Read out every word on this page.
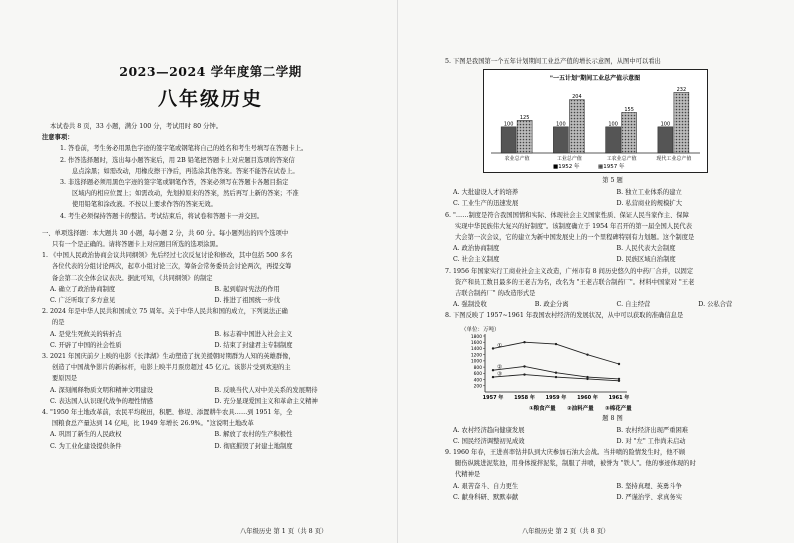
2023—2024 学年度第二学期
八年级历史
本试卷共 8 页，33 小题，满分 100 分，考试用时 80 分钟。
注意事项：
1. 答卷前，考生务必用黑色字迹的签字笔或钢笔将自己的姓名和考生号填写在答题卡上。
2. 作答选择题时，选出每小题答案后，用 2B 铅笔把答题卡上对应题目选项的答案信
息点涂黑；如需改动，用橡皮擦干净后，再选涂其他答案。答案不能答在试卷上。
3. 非选择题必须用黑色字迹的签字笔或钢笔作答，答案必须写在答题卡各题目指定
区域内的相应位置上；如需改动，先划掉原来的答案，然后再写上新的答案；不准
使用铅笔和涂改液。不按以上要求作答的答案无效。
4. 考生必须保持答题卡的整洁。考试结束后，将试卷和答题卡一并交回。
一、单项选择题：本大题共 30 小题，每小题 2 分，共 60 分。每小题列出的四个选项中
只有一个是正确的。请将答题卡上对应题目所选的选项涂黑。
1. 《中国人民政治协商会议共同纲领》先后经过七次反复讨论和修改，其中包括 500 多名
各位代表的分组讨论两次，起草小组讨论三次，筹备会常务委员会讨论两次，再提交筹
备会第二次全体会议表决。据此可知，《共同纲领》的制定
A. 确立了政治协商制度	B. 起到临时宪法的作用
C. 广泛听取了多方意见	D. 推进了祖国统一步伐
2. 2024 年是中华人民共和国成立 75 周年。关于中华人民共和国的成立，下列说法正确
的是
A. 是党生死攸关的转折点	B. 标志着中国进入社会主义
C. 开辟了中国的社会性质	D. 结束了封建君主专制制度
3. 2021 年国庆前夕上映的电影《长津湖》生动塑造了抗美援朝时期群为人知的英雄群像，
创造了中国战争影片的新标杆，电影上映半月票房超过 45 亿元。该影片受到欢迎的主
要原因是
A. 深刻阐释物质文明和精神文明建设	B. 反映当代人对中美关系的发展期待
C. 表达国人认识现代战争的理性情感	D. 充分显现爱国主义和革命主义精神
4. "1950 年土地改革前，农民平均税田，积肥、修堤、添置耕牛农具……到 1951 年，全
国粮食总产量达到 14 亿吨，比 1949 年增长 26.9%。"这说明土地改革
A. 巩固了新生的人民政权	B. 解放了农村的生产积极性
C. 为工业化建设提供条件	D. 彻底摧毁了封建土地制度
八年级历史 第 1 页（共 8 页）
5. 下图是我国第一个五年计划期间工业总产值的增长示意图，从图中可以看出
"一五计划"期间工业总产值示意图
100
125
农业总产值
100
204
工业总产值
100
155
工农业总产值
100
232
现代工业总产值
■1952 年	▦1957 年
第 5 题
A. 大批建设人才的培养	B. 独立工业体系的建立
C. 工业生产的迅速发展	D. 私营商业的规模扩大
6. "……制度是符合我国国情和实际、体现社会主义国家性质、保证人民当家作主、保障
实现中华民族伟大复兴的好制度"。该制度确立于 1954 年召开的第一届全国人民代表
大会第一次会议，它的建立为新中国发展史上的一个里程碑特别有力划题。这个制度是
A. 政治协商制度	B. 人民代表大会制度
C. 社会主义制度	D. 民族区域自治制度
7. 1956 年国家实行工商业社会主义改造，广州市有 8 间历史悠久的中药厂合并，以固定
资产和员工数目最多的王老吉为名，改名为 "王老吉联合制药厂"。材料中国家对 "王老
吉联合制药厂" 的改造形式是
A. 强制没收	B. 政企分离	C. 自主经营	D. 公私合营
8. 下图反映了 1957~1961 年我国农村经济的发展状况，从中可以获取的准确信息是
（单位：万吨）
200
400
600
800
1000
1200
1400
1600
1800
1957 年 1958 年 1959 年 1960 年 1961 年
①
②
③
①粮食产量 ②油料产量 ③棉花产量
题 8 图
A. 农村经济趋向健康发展	B. 农村经济出现严重困难
C. 国民经济调整初见成效	D. 对 "左" 工作尚未启动
9. 1960 年春，王进喜率钻井队到大庆参加石油大会战。当井喷的险情发生时，他不顾
腿伤纵跳进泥浆池，用身体搅拌泥浆，制服了井喷，被誉为 "铁人"。他的事迹体现的时
代精神是
A. 艰苦奋斗、自力更生	B. 坚持真理、英勇斗争
C. 献身科研、默默奉献	D. 严谨治学、求真务实
八年级历史 第 2 页（共 8 页）
